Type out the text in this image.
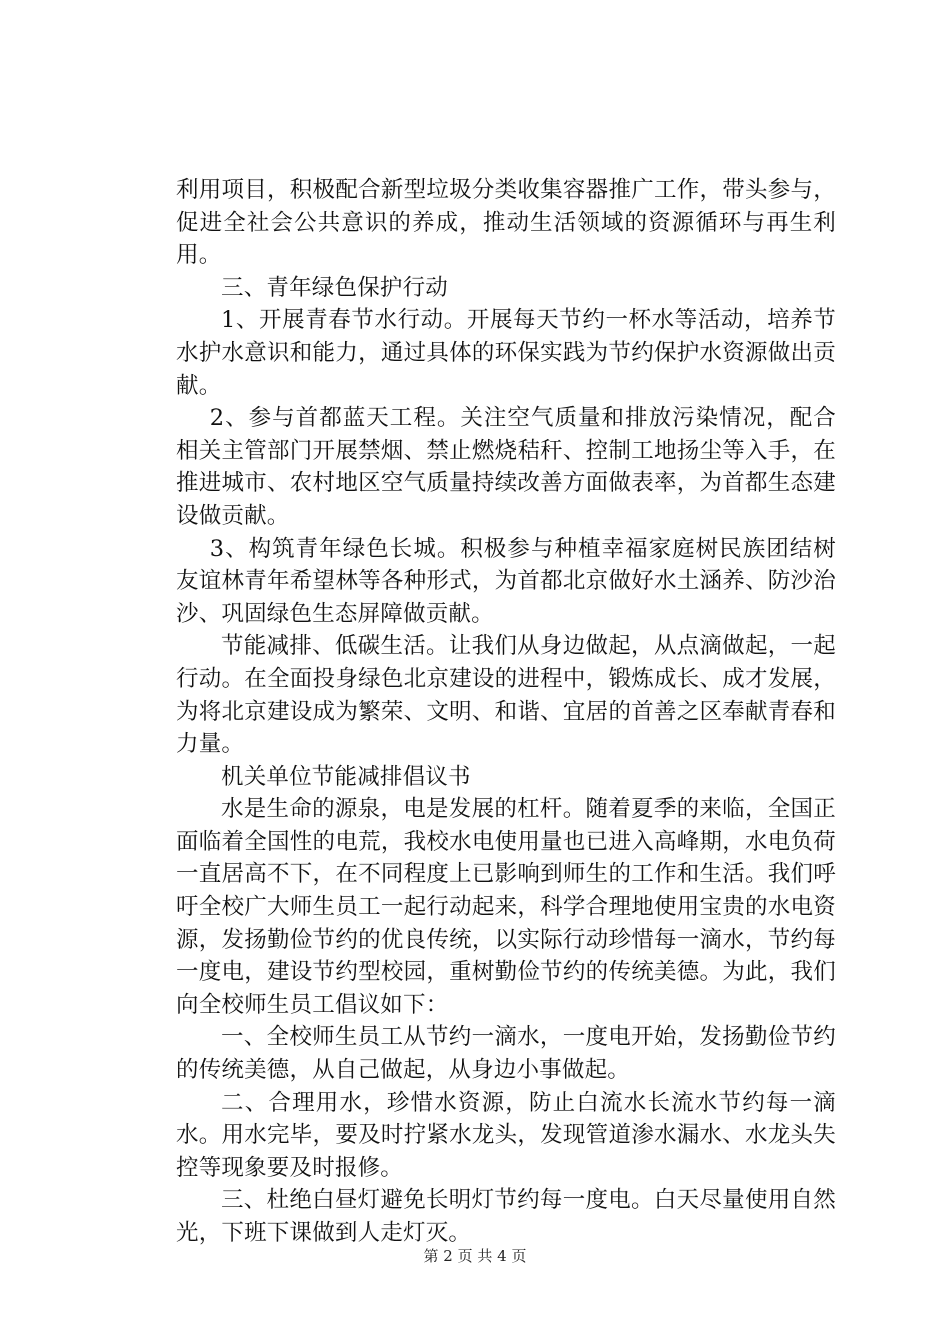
利用项目，积极配合新型垃圾分类收集容器推广工作，带头参与，促进全社会公共意识的养成，推动生活领域的资源循环与再生利用。

三、青年绿色保护行动

1、开展青春节水行动。开展每天节约一杯水等活动，培养节水护水意识和能力，通过具体的环保实践为节约保护水资源做出贡献。

2、参与首都蓝天工程。关注空气质量和排放污染情况，配合相关主管部门开展禁烟、禁止燃烧秸秆、控制工地扬尘等入手，在推进城市、农村地区空气质量持续改善方面做表率，为首都生态建设做贡献。

3、构筑青年绿色长城。积极参与种植幸福家庭树民族团结树友谊林青年希望林等各种形式，为首都北京做好水土涵养、防沙治沙、巩固绿色生态屏障做贡献。

节能减排、低碳生活。让我们从身边做起，从点滴做起，一起行动。在全面投身绿色北京建设的进程中，锻炼成长、成才发展，为将北京建设成为繁荣、文明、和谐、宜居的首善之区奉献青春和力量。

机关单位节能减排倡议书

水是生命的源泉，电是发展的杠杆。随着夏季的来临，全国正面临着全国性的电荒，我校水电使用量也已进入高峰期，水电负荷一直居高不下，在不同程度上已影响到师生的工作和生活。我们呼吁全校广大师生员工一起行动起来，科学合理地使用宝贵的水电资源，发扬勤俭节约的优良传统，以实际行动珍惜每一滴水，节约每一度电，建设节约型校园，重树勤俭节约的传统美德。为此，我们向全校师生员工倡议如下：

一、全校师生员工从节约一滴水，一度电开始，发扬勤俭节约的传统美德，从自己做起，从身边小事做起。

二、合理用水，珍惜水资源，防止白流水长流水节约每一滴水。用水完毕，要及时拧紧水龙头，发现管道渗水漏水、水龙头失控等现象要及时报修。

三、杜绝白昼灯避免长明灯节约每一度电。白天尽量使用自然光，下班下课做到人走灯灭。

第 2 页 共 4 页
